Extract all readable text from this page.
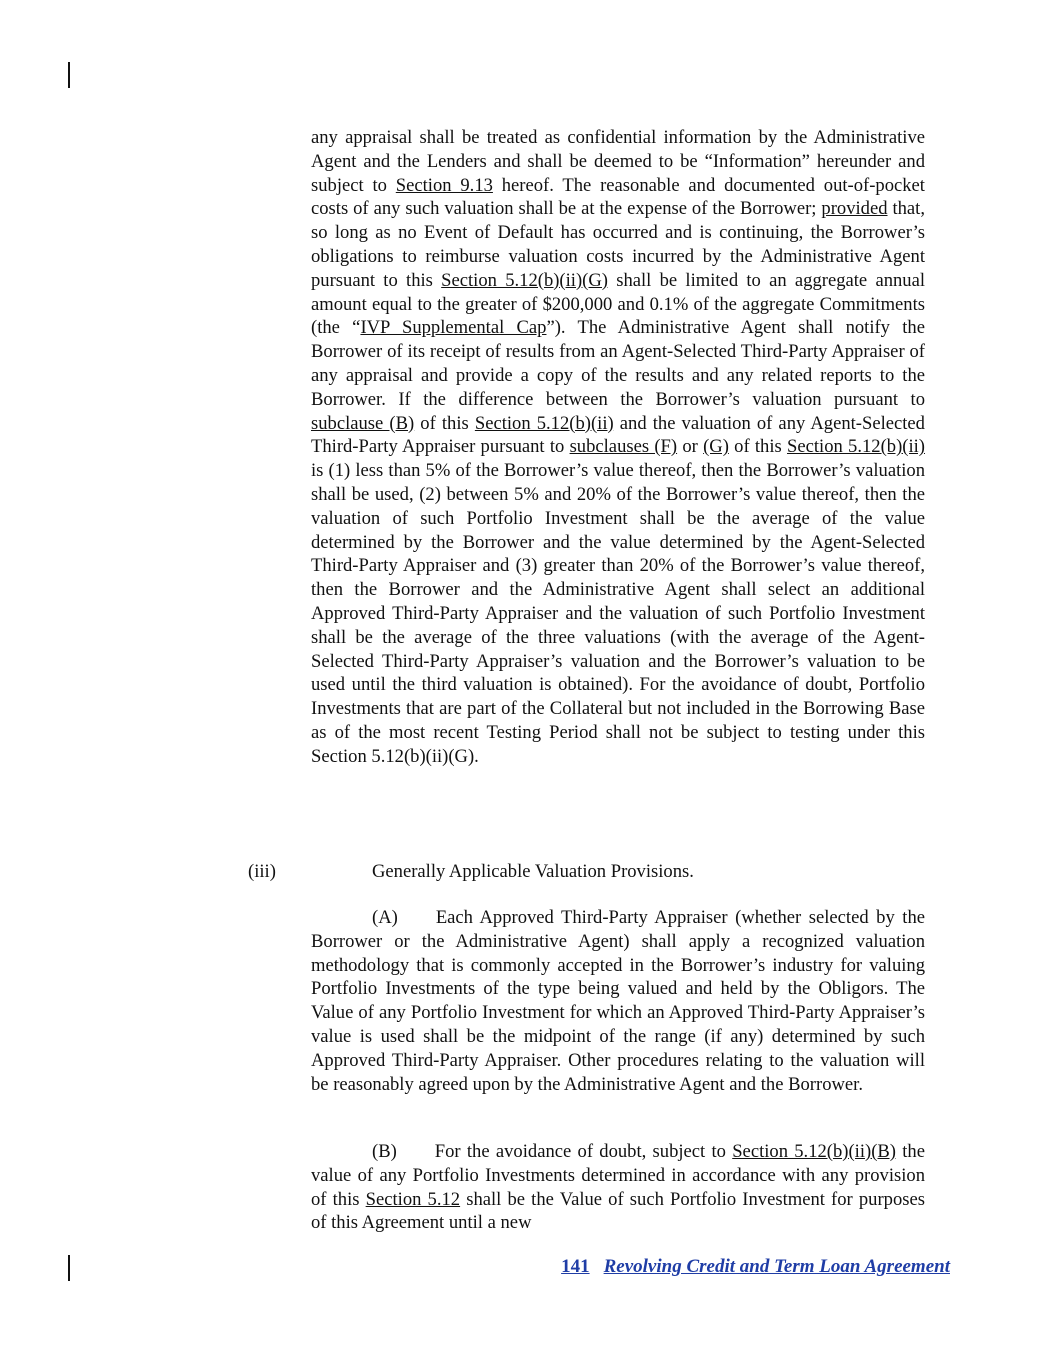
any appraisal shall be treated as confidential information by the Administrative Agent and the Lenders and shall be deemed to be “Information” hereunder and subject to Section 9.13 hereof. The reasonable and documented out-of-pocket costs of any such valuation shall be at the expense of the Borrower; provided that, so long as no Event of Default has occurred and is continuing, the Borrower’s obligations to reimburse valuation costs incurred by the Administrative Agent pursuant to this Section 5.12(b)(ii)(G) shall be limited to an aggregate annual amount equal to the greater of $200,000 and 0.1% of the aggregate Commitments (the “IVP Supplemental Cap”). The Administrative Agent shall notify the Borrower of its receipt of results from an Agent-Selected Third-Party Appraiser of any appraisal and provide a copy of the results and any related reports to the Borrower. If the difference between the Borrower’s valuation pursuant to subclause (B) of this Section 5.12(b)(ii) and the valuation of any Agent-Selected Third-Party Appraiser pursuant to subclauses (F) or (G) of this Section 5.12(b)(ii) is (1) less than 5% of the Borrower’s value thereof, then the Borrower’s valuation shall be used, (2) between 5% and 20% of the Borrower’s value thereof, then the valuation of such Portfolio Investment shall be the average of the value determined by the Borrower and the value determined by the Agent-Selected Third-Party Appraiser and (3) greater than 20% of the Borrower’s value thereof, then the Borrower and the Administrative Agent shall select an additional Approved Third-Party Appraiser and the valuation of such Portfolio Investment shall be the average of the three valuations (with the average of the Agent-Selected Third-Party Appraiser’s valuation and the Borrower’s valuation to be used until the third valuation is obtained). For the avoidance of doubt, Portfolio Investments that are part of the Collateral but not included in the Borrowing Base as of the most recent Testing Period shall not be subject to testing under this Section 5.12(b)(ii)(G).

(iii)	Generally Applicable Valuation Provisions.

(A) Each Approved Third-Party Appraiser (whether selected by the Borrower or the Administrative Agent) shall apply a recognized valuation methodology that is commonly accepted in the Borrower’s industry for valuing Portfolio Investments of the type being valued and held by the Obligors. The Value of any Portfolio Investment for which an Approved Third-Party Appraiser’s value is used shall be the midpoint of the range (if any) determined by such Approved Third-Party Appraiser. Other procedures relating to the valuation will be reasonably agreed upon by the Administrative Agent and the Borrower.

(B) For the avoidance of doubt, subject to Section 5.12(b)(ii)(B) the value of any Portfolio Investments determined in accordance with any provision of this Section 5.12 shall be the Value of such Portfolio Investment for purposes of this Agreement until a new

141 Revolving Credit and Term Loan Agreement
